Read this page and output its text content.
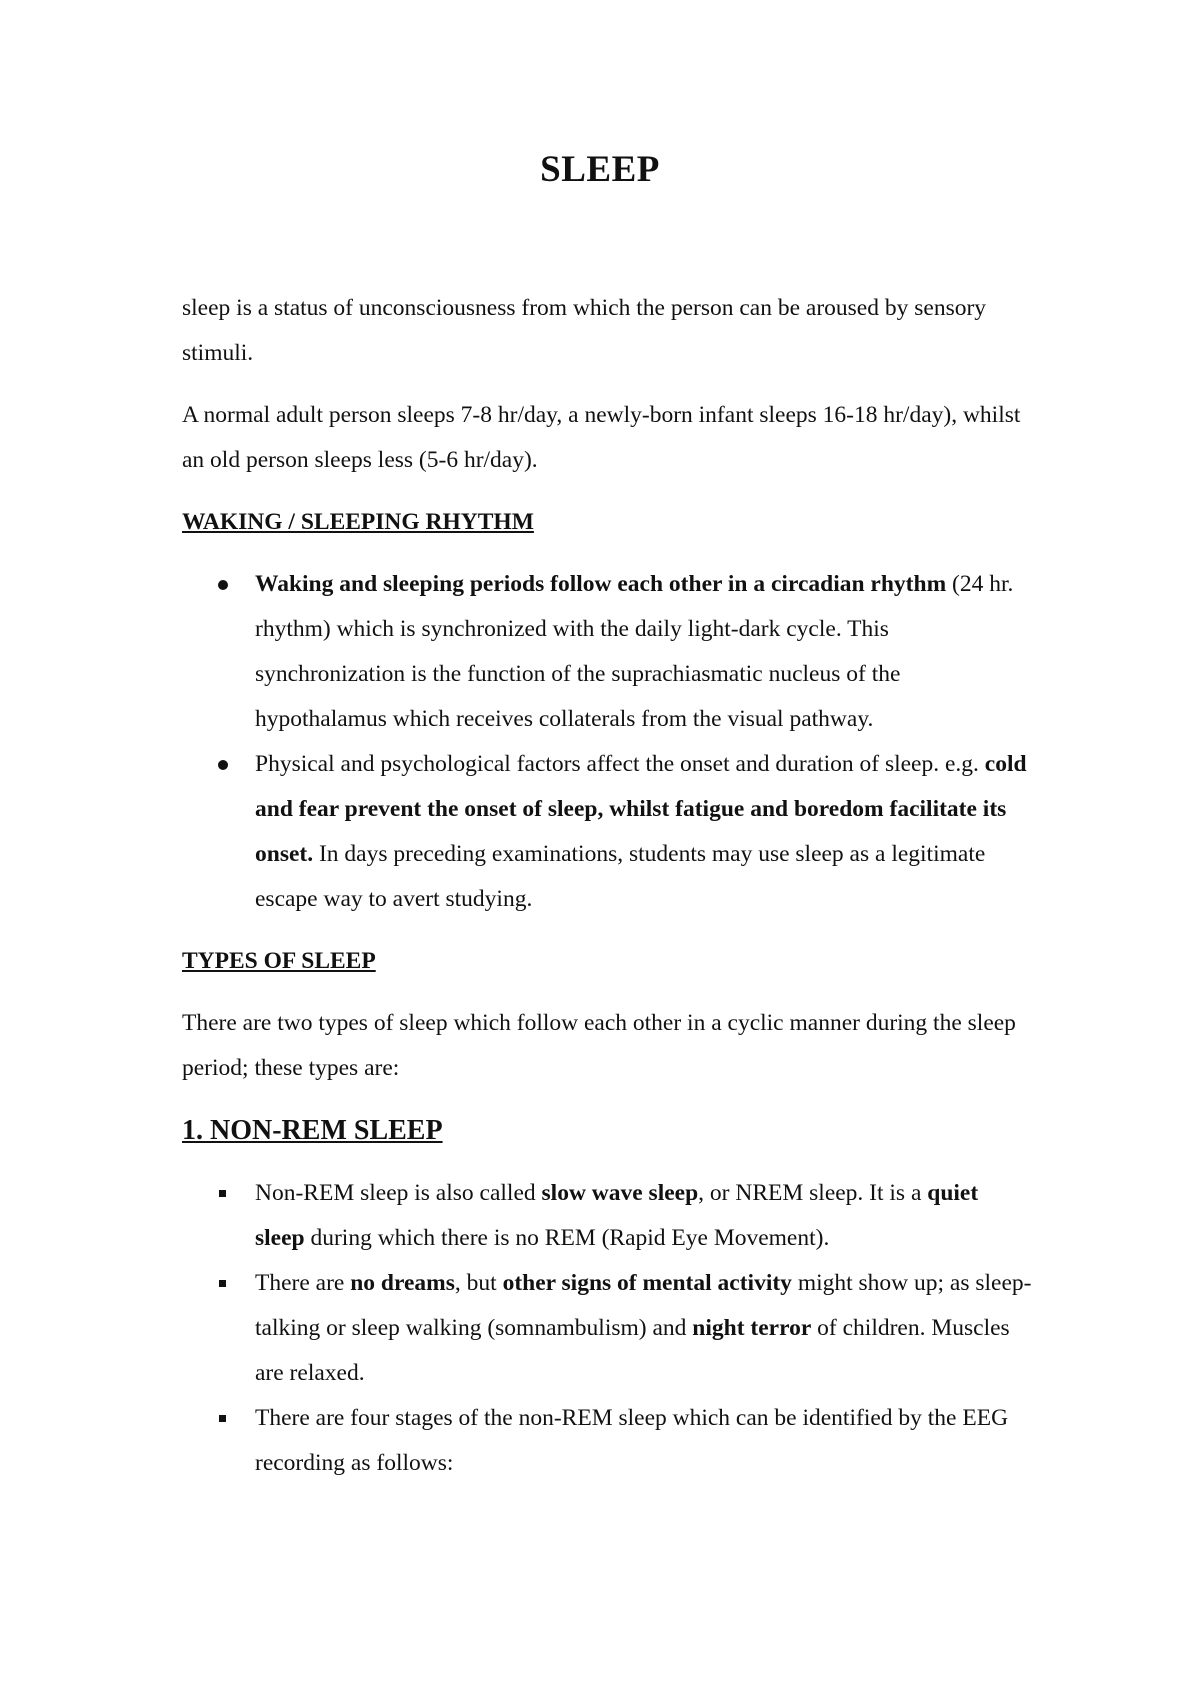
SLEEP

sleep is a status of unconsciousness from which the person can be aroused by sensory stimuli.

A normal adult person sleeps 7-8 hr/day, a newly-born infant sleeps 16-18 hr/day), whilst an old person sleeps less (5-6 hr/day).

WAKING / SLEEPING RHYTHM
Waking and sleeping periods follow each other in a circadian rhythm (24 hr. rhythm) which is synchronized with the daily light-dark cycle. This synchronization is the function of the suprachiasmatic nucleus of the hypothalamus which receives collaterals from the visual pathway.
Physical and psychological factors affect the onset and duration of sleep. e.g. cold and fear prevent the onset of sleep, whilst fatigue and boredom facilitate its onset. In days preceding examinations, students may use sleep as a legitimate escape way to avert studying.
TYPES OF SLEEP

There are two types of sleep which follow each other in a cyclic manner during the sleep period; these types are:

1. NON-REM SLEEP
Non-REM sleep is also called slow wave sleep, or NREM sleep. It is a quiet sleep during which there is no REM (Rapid Eye Movement).
There are no dreams, but other signs of mental activity might show up; as sleep-talking or sleep walking (somnambulism) and night terror of children. Muscles are relaxed.
There are four stages of the non-REM sleep which can be identified by the EEG recording as follows:
